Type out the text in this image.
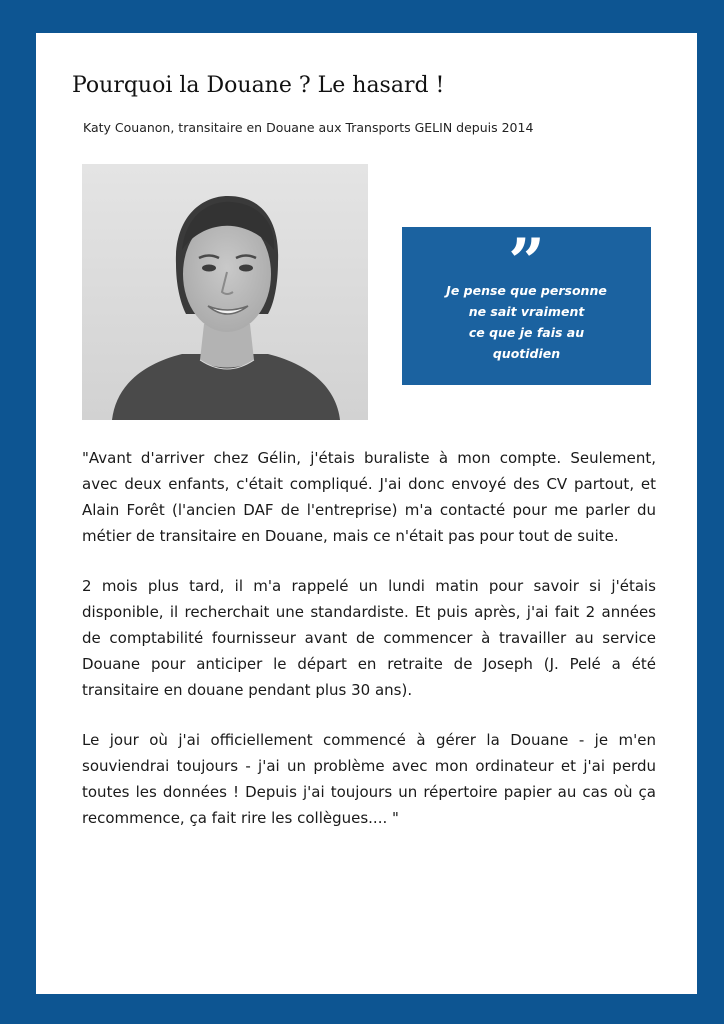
Pourquoi la Douane ? Le hasard !
Katy Couanon, transitaire en Douane aux Transports GELIN depuis 2014
”
Je pense que personne
ne sait vraiment
ce que je fais au
quotidien

"Avant d'arriver chez Gélin, j'étais buraliste à mon compte. Seulement, avec deux enfants, c'était compliqué. J'ai donc envoyé des CV partout, et Alain Forêt (l'ancien DAF de l'entreprise) m'a contacté pour me parler du métier de transitaire en Douane, mais ce n'était pas pour tout de suite.

2 mois plus tard, il m'a rappelé un lundi matin pour savoir si j'étais disponible, il recherchait une standardiste. Et puis après, j'ai fait 2 années de comptabilité fournisseur avant de commencer à travailler au service Douane pour anticiper le départ en retraite de Joseph (J. Pelé a été transitaire en douane pendant plus 30 ans).

Le jour où j'ai officiellement commencé à gérer la Douane - je m'en souviendrai toujours - j'ai un problème avec mon ordinateur et j'ai perdu toutes les données ! Depuis j'ai toujours un répertoire papier au cas où ça recommence, ça fait rire les collègues.... "
